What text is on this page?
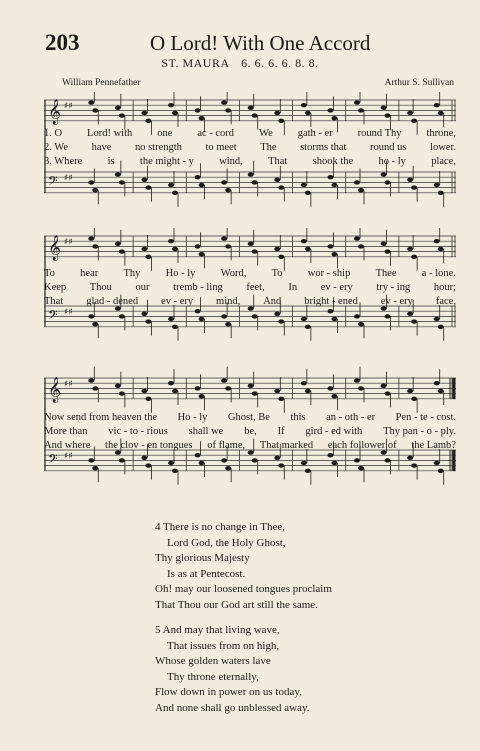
203	O Lord! With One Accord
ST. MAURA 6. 6. 6. 6. 8. 8.
William Pennefather	Arthur S. Sullivan
𝄞 ♯♯
𝄢 ♯♯
1. O Lord! with one ac - cord We gath - er round Thy throne,
2. We have no strength to meet The storms that round us lower.
3. Where is the might - y wind, That shook the ho - ly place,
𝄞 ♯♯
𝄢 ♯♯
To hear Thy Ho - ly Word, To wor - ship Thee a - lone.
Keep Thou our tremb - ling feet, In ev - ery try - ing hour;
That glad - dened ev - ery mind, And bright - ened ev - ery face,
𝄞 ♯♯
𝄢 ♯♯
Now send from heaven the Ho - ly Ghost, Be this an - oth - er Pen - te - cost.
More than vic - to - rious shall we be, If gird - ed with Thy pan - o - ply.
And where the clov - en tongues of flame, That marked each follower of the Lamb?
4 There is no change in Thee,
Lord God, the Holy Ghost,
Thy glorious Majesty
Is as at Pentecost.
Oh! may our loosened tongues proclaim
That Thou our God art still the same.
5 And may that living wave,
That issues from on high,
Whose golden waters lave
Thy throne eternally,
Flow down in power on us today,
And none shall go unblessed away.
